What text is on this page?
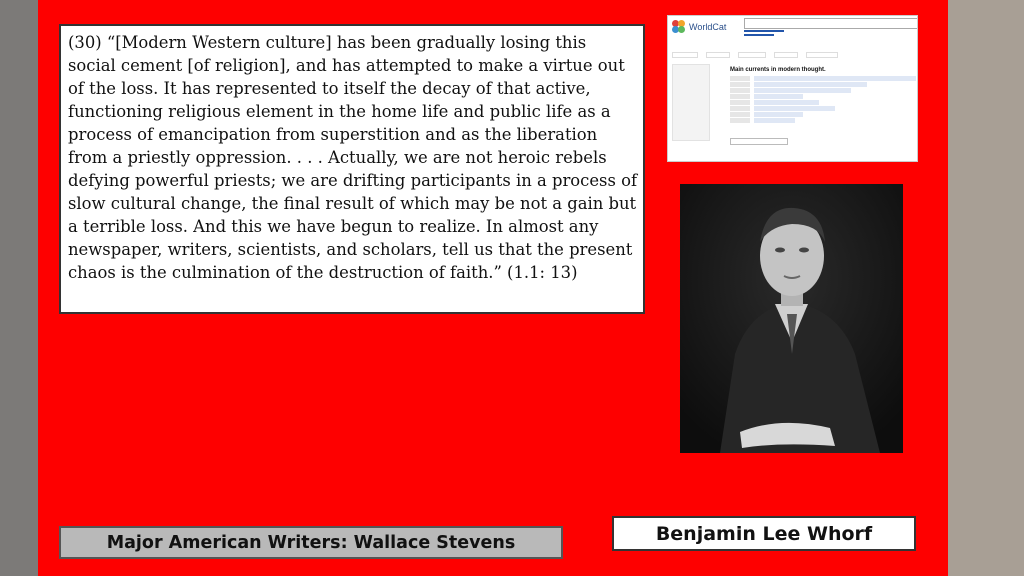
(30) “[Modern Western culture] has been gradually losing this social cement [of religion], and has attempted to make a virtue out of the loss. It has represented to itself the decay of that active, functioning religious element in the home life and public life as a process of emancipation from superstition and as the liberation from a priestly oppression. . . . Actually, we are not heroic rebels defying powerful priests; we are drifting participants in a process of slow cultural change, the final result of which may be not a gain but a terrible loss. And this we have begun to realize. In almost any newspaper, writers, scientists, and scholars, tell us that the present chaos is the culmination of the destruction of faith.” (1.1: 13)
WorldCat
Main currents in modern thought.
Benjamin Lee Whorf
Major American Writers: Wallace Stevens
